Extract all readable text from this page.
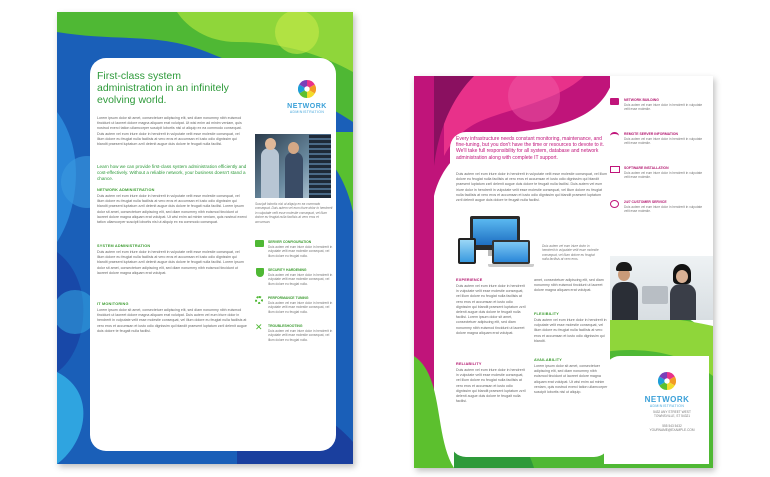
First-class system administration in an infinitely evolving world.

NETWORK
ADMINISTRATION

Lorem ipsum dolor sit amet, consectetuer adipiscing elit, sed diam nonummy nibh euismod tincidunt ut laoreet dolore magna aliquam erat volutpat. Ut wisi enim ad minim veniam, quis nostrud exerci tation ullamcorper suscipit lobortis nisl ut aliquip ex ea commodo consequat. Duis autem vel eum iriure dolor in hendrerit in vulputate velit esse molestie consequat, vel illum dolore eu feugiat nulla facilisis at vero eros et accumsan et iusto odio dignissim qui blandit praesent luptatum zzril delenit augue duis dolore te feugait nulla facilisi.

Learn how we can provide first-class system administration efficiently and cost-effectively. Without a reliable network, your business doesn't stand a chance.

NETWORK ADMINISTRATION

Duis autem vel eum iriure dolor in hendrerit in vulputate velit esse molestie consequat, vel illum dolore eu feugiat nulla facilisis at vero eros et accumsan et iusto odio dignissim qui blandit praesent luptatum zzril delenit augue duis dolore te feugait nulla facilisi. Lorem ipsum dolor sit amet, consectetuer adipiscing elit, sed diam nonummy nibh euismod tincidunt ut laoreet dolore magna aliquam erat volutpat. Ut wisi enim ad minim veniam, quis nostrud exerci tation ullamcorper suscipit lobortis nisl ut aliquip ex ea commodo consequat.

SYSTEM ADMINISTRATION

Duis autem vel eum iriure dolor in hendrerit in vulputate velit esse molestie consequat, vel illum dolore eu feugiat nulla facilisis at vero eros et accumsan et iusto odio dignissim qui blandit praesent luptatum zzril delenit augue duis dolore te feugait nulla facilisi. Lorem ipsum dolor sit amet, consectetuer adipiscing elit, sed diam nonummy nibh euismod tincidunt ut laoreet dolore magna aliquam erat volutpat.

IT MONITORING

Lorem ipsum dolor sit amet, consectetuer adipiscing elit, sed diam nonummy nibh euismod tincidunt ut laoreet dolore magna aliquam erat volutpat. Duis autem vel eum iriure dolor in hendrerit in vulputate velit esse molestie consequat, vel illum dolore eu feugiat nulla facilisis at vero eros et accumsan et iusto odio dignissim qui blandit praesent luptatum zzril delenit augue duis dolore te feugait nulla facilisi.

Suscipit lobortis nisl ut aliquip ex ea commodo consequat. Duis autem vel eum iriure dolor in hendrerit in vulputate velit esse molestie consequat, vel illum dolore eu feugiat nulla facilisis at vero eros et accumsan.

SERVER CONFIGURATION

Duis autem vel eum iriure dolor in hendrerit in vulputate velit esse molestie consequat, vel illum dolore eu feugiat nulla.

SECURITY HARDENING

Duis autem vel eum iriure dolor in hendrerit in vulputate velit esse molestie consequat, vel illum dolore eu feugiat nulla.

PERFORMANCE TUNING

Duis autem vel eum iriure dolor in hendrerit in vulputate velit esse molestie consequat, vel illum dolore eu feugiat nulla.

✕ TROUBLESHOOTING

Duis autem vel eum iriure dolor in hendrerit in vulputate velit esse molestie consequat, vel illum dolore eu feugiat nulla.

Every infrastructure needs constant monitoring, maintenance, and fine-tuning, but you don't have the time or resources to devote to it. We'll take full responsibility for all system, database and network administration along with complete IT support.

Duis autem vel eum iriure dolor in hendrerit in vulputate velit esse molestie consequat, vel illum dolore eu feugiat nulla facilisis at vero eros et accumsan et iusto odio dignissim qui blandit praesent luptatum zzril delenit augue duis dolore te feugait nulla facilisi. Duis autem vel eum iriure dolor in hendrerit in vulputate velit esse molestie consequat, vel illum dolore eu feugiat nulla facilisis at vero eros et accumsan et iusto odio dignissim qui blandit praesent luptatum zzril delenit augue duis dolore te feugait nulla facilisi.

Duis autem vel eum iriure dolor in hendrerit in vulputate velit esse molestie consequat, vel illum dolore eu feugiat nulla facilisis at vero eros.

EXPERIENCE

Duis autem vel eum iriure dolor in hendrerit in vulputate velit esse molestie consequat, vel illum dolore eu feugiat nulla facilisis at vero eros et accumsan et iusto odio dignissim qui blandit praesent luptatum zzril delenit augue duis dolore te feugait nulla facilisi. Lorem ipsum dolor sit amet, consectetuer adipiscing elit, sed diam nonummy nibh euismod tincidunt ut laoreet dolore magna aliquam erat volutpat.

RELIABILITY

Duis autem vel eum iriure dolor in hendrerit in vulputate velit esse molestie consequat, vel illum dolore eu feugiat nulla facilisis at vero eros et accumsan et iusto odio dignissim qui blandit praesent luptatum zzril delenit augue duis dolore te feugait nulla facilisi.

amet, consectetuer adipiscing elit, sed diam nonummy nibh euismod tincidunt ut laoreet dolore magna aliquam erat volutpat.

FLEXIBILITY

Duis autem vel eum iriure dolor in hendrerit in vulputate velit esse molestie consequat, vel illum dolore eu feugiat nulla facilisis at vero eros et accumsan et iusto odio dignissim qui blandit.

AVAILABILITY

Lorem ipsum dolor sit amet, consectetuer adipiscing elit, sed diam nonummy nibh euismod tincidunt ut laoreet dolore magna aliquam erat volutpat. Ut wisi enim ad minim veniam, quis nostrud exerci tation ullamcorper suscipit lobortis nisl ut aliquip.

NETWORK BUILDING

Duis autem vel eum iriure dolor in hendrerit in vulputate velit esse molestie.

REMOTE SERVER INFORMATION

Duis autem vel eum iriure dolor in hendrerit in vulputate velit esse molestie.

SOFTWARE INSTALLATION

Duis autem vel eum iriure dolor in hendrerit in vulputate velit esse molestie.

24/7 CUSTOMER SERVICE

Duis autem vel eum iriure dolor in hendrerit in vulputate velit esse molestie.

NETWORK
ADMINISTRATION

5432 ANY STREET WEST

TOWNSVILLE, ST 54321

555 543 5432

YOURNAME@EXAMPLE.COM
